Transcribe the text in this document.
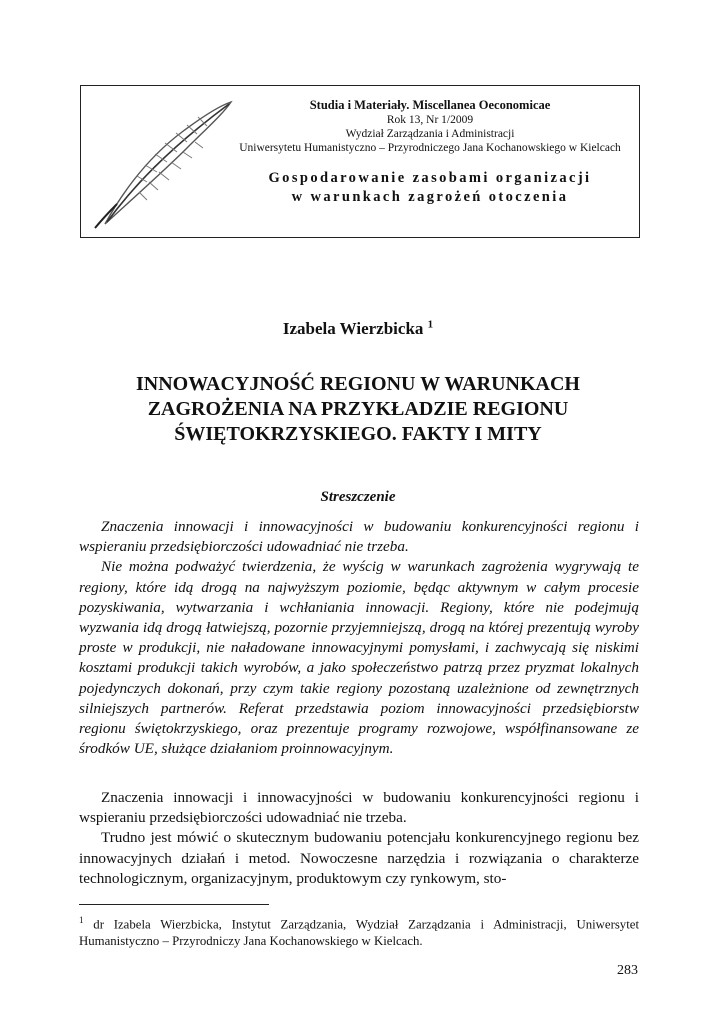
Studia i Materiały. Miscellanea Oeconomicae
Rok 13, Nr 1/2009
Wydział Zarządzania i Administracji
Uniwersytetu Humanistyczno – Przyrodniczego Jana Kochanowskiego w Kielcach
Gospodarowanie zasobami organizacji
w warunkach zagrożeń otoczenia
Izabela Wierzbicka $^1$
INNOWACYJNOŚĆ REGIONU W WARUNKACH
ZAGROŻENIA NA PRZYKŁADZIE REGIONU
ŚWIĘTOKRZYSKIEGO. FAKTY I MITY
Streszczenie

Znaczenia innowacji i innowacyjności w budowaniu konkurencyjności regionu i wspieraniu przedsiębiorczości udowadniać nie trzeba.

Nie można podważyć twierdzenia, że wyścig w warunkach zagrożenia wygrywają te regiony, które idą drogą na najwyższym poziomie, będąc aktywnym w całym procesie pozyskiwania, wytwarzania i wchłaniania innowacji. Regiony, które nie podejmują wyzwania idą drogą łatwiejszą, pozornie przyjemniejszą, drogą na której prezentują wyroby proste w produkcji, nie naładowane innowacyjnymi pomysłami, i zachwycają się niskimi kosztami produkcji takich wyrobów, a jako społeczeństwo patrzą przez pryzmat lokalnych pojedynczych dokonań, przy czym takie regiony pozostaną uzależnione od zewnętrznych silniejszych partnerów. Referat przedstawia poziom innowacyjności przedsiębiorstw regionu świętokrzyskiego, oraz prezentuje programy rozwojowe, współfinansowane ze środków UE, służące działaniom proinnowacyjnym.

Znaczenia innowacji i innowacyjności w budowaniu konkurencyjności regionu i wspieraniu przedsiębiorczości udowadniać nie trzeba.

Trudno jest mówić o skutecznym budowaniu potencjału konkurencyjnego regionu bez innowacyjnych działań i metod. Nowoczesne narzędzia i rozwiązania o charakterze technologicznym, organizacyjnym, produktowym czy rynkowym, sto-

$^1$ dr Izabela Wierzbicka, Instytut Zarządzania, Wydział Zarządzania i Administracji, Uniwersytet Humanistyczno – Przyrodniczy Jana Kochanowskiego w Kielcach.
283
